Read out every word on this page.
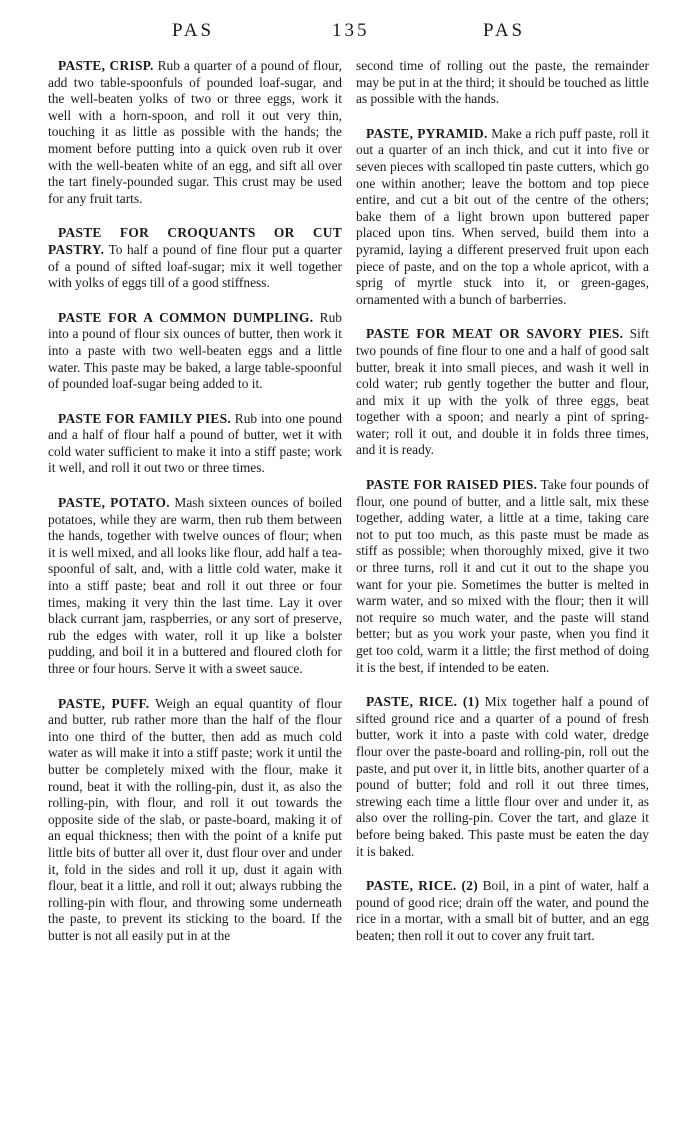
PAS	135	PAS

PASTE, CRISP. Rub a quarter of a pound of flour, add two table-spoonfuls of pounded loaf-sugar, and the well-beaten yolks of two or three eggs, work it well with a horn-spoon, and roll it out very thin, touching it as little as possible with the hands; the moment before putting into a quick oven rub it over with the well-beaten white of an egg, and sift all over the tart finely-pounded sugar. This crust may be used for any fruit tarts.

PASTE FOR CROQUANTS OR CUT PASTRY. To half a pound of fine flour put a quarter of a pound of sifted loaf-sugar; mix it well together with yolks of eggs till of a good stiffness.

PASTE FOR A COMMON DUMPLING. Rub into a pound of flour six ounces of butter, then work it into a paste with two well-beaten eggs and a little water. This paste may be baked, a large table-spoonful of pounded loaf-sugar being added to it.

PASTE FOR FAMILY PIES. Rub into one pound and a half of flour half a pound of butter, wet it with cold water sufficient to make it into a stiff paste; work it well, and roll it out two or three times.

PASTE, POTATO. Mash sixteen ounces of boiled potatoes, while they are warm, then rub them between the hands, together with twelve ounces of flour; when it is well mixed, and all looks like flour, add half a tea-spoonful of salt, and, with a little cold water, make it into a stiff paste; beat and roll it out three or four times, making it very thin the last time. Lay it over black currant jam, raspberries, or any sort of preserve, rub the edges with water, roll it up like a bolster pudding, and boil it in a buttered and floured cloth for three or four hours. Serve it with a sweet sauce.

PASTE, PUFF. Weigh an equal quantity of flour and butter, rub rather more than the half of the flour into one third of the butter, then add as much cold water as will make it into a stiff paste; work it until the butter be completely mixed with the flour, make it round, beat it with the rolling-pin, dust it, as also the rolling-pin, with flour, and roll it out towards the opposite side of the slab, or paste-board, making it of an equal thickness; then with the point of a knife put little bits of butter all over it, dust flour over and under it, fold in the sides and roll it up, dust it again with flour, beat it a little, and roll it out; always rubbing the rolling-pin with flour, and throwing some underneath the paste, to prevent its sticking to the board. If the butter is not all easily put in at the

second time of rolling out the paste, the remainder may be put in at the third; it should be touched as little as possible with the hands.

PASTE, PYRAMID. Make a rich puff paste, roll it out a quarter of an inch thick, and cut it into five or seven pieces with scalloped tin paste cutters, which go one within another; leave the bottom and top piece entire, and cut a bit out of the centre of the others; bake them of a light brown upon buttered paper placed upon tins. When served, build them into a pyramid, laying a different preserved fruit upon each piece of paste, and on the top a whole apricot, with a sprig of myrtle stuck into it, or green-gages, ornamented with a bunch of barberries.

PASTE FOR MEAT OR SAVORY PIES. Sift two pounds of fine flour to one and a half of good salt butter, break it into small pieces, and wash it well in cold water; rub gently together the butter and flour, and mix it up with the yolk of three eggs, beat together with a spoon; and nearly a pint of spring-water; roll it out, and double it in folds three times, and it is ready.

PASTE FOR RAISED PIES. Take four pounds of flour, one pound of butter, and a little salt, mix these together, adding water, a little at a time, taking care not to put too much, as this paste must be made as stiff as possible; when thoroughly mixed, give it two or three turns, roll it and cut it out to the shape you want for your pie. Sometimes the butter is melted in warm water, and so mixed with the flour; then it will not require so much water, and the paste will stand better; but as you work your paste, when you find it get too cold, warm it a little; the first method of doing it is the best, if intended to be eaten.

PASTE, RICE. (1) Mix together half a pound of sifted ground rice and a quarter of a pound of fresh butter, work it into a paste with cold water, dredge flour over the paste-board and rolling-pin, roll out the paste, and put over it, in little bits, another quarter of a pound of butter; fold and roll it out three times, strewing each time a little flour over and under it, as also over the rolling-pin. Cover the tart, and glaze it before being baked. This paste must be eaten the day it is baked.

PASTE, RICE. (2) Boil, in a pint of water, half a pound of good rice; drain off the water, and pound the rice in a mortar, with a small bit of butter, and an egg beaten; then roll it out to cover any fruit tart.
